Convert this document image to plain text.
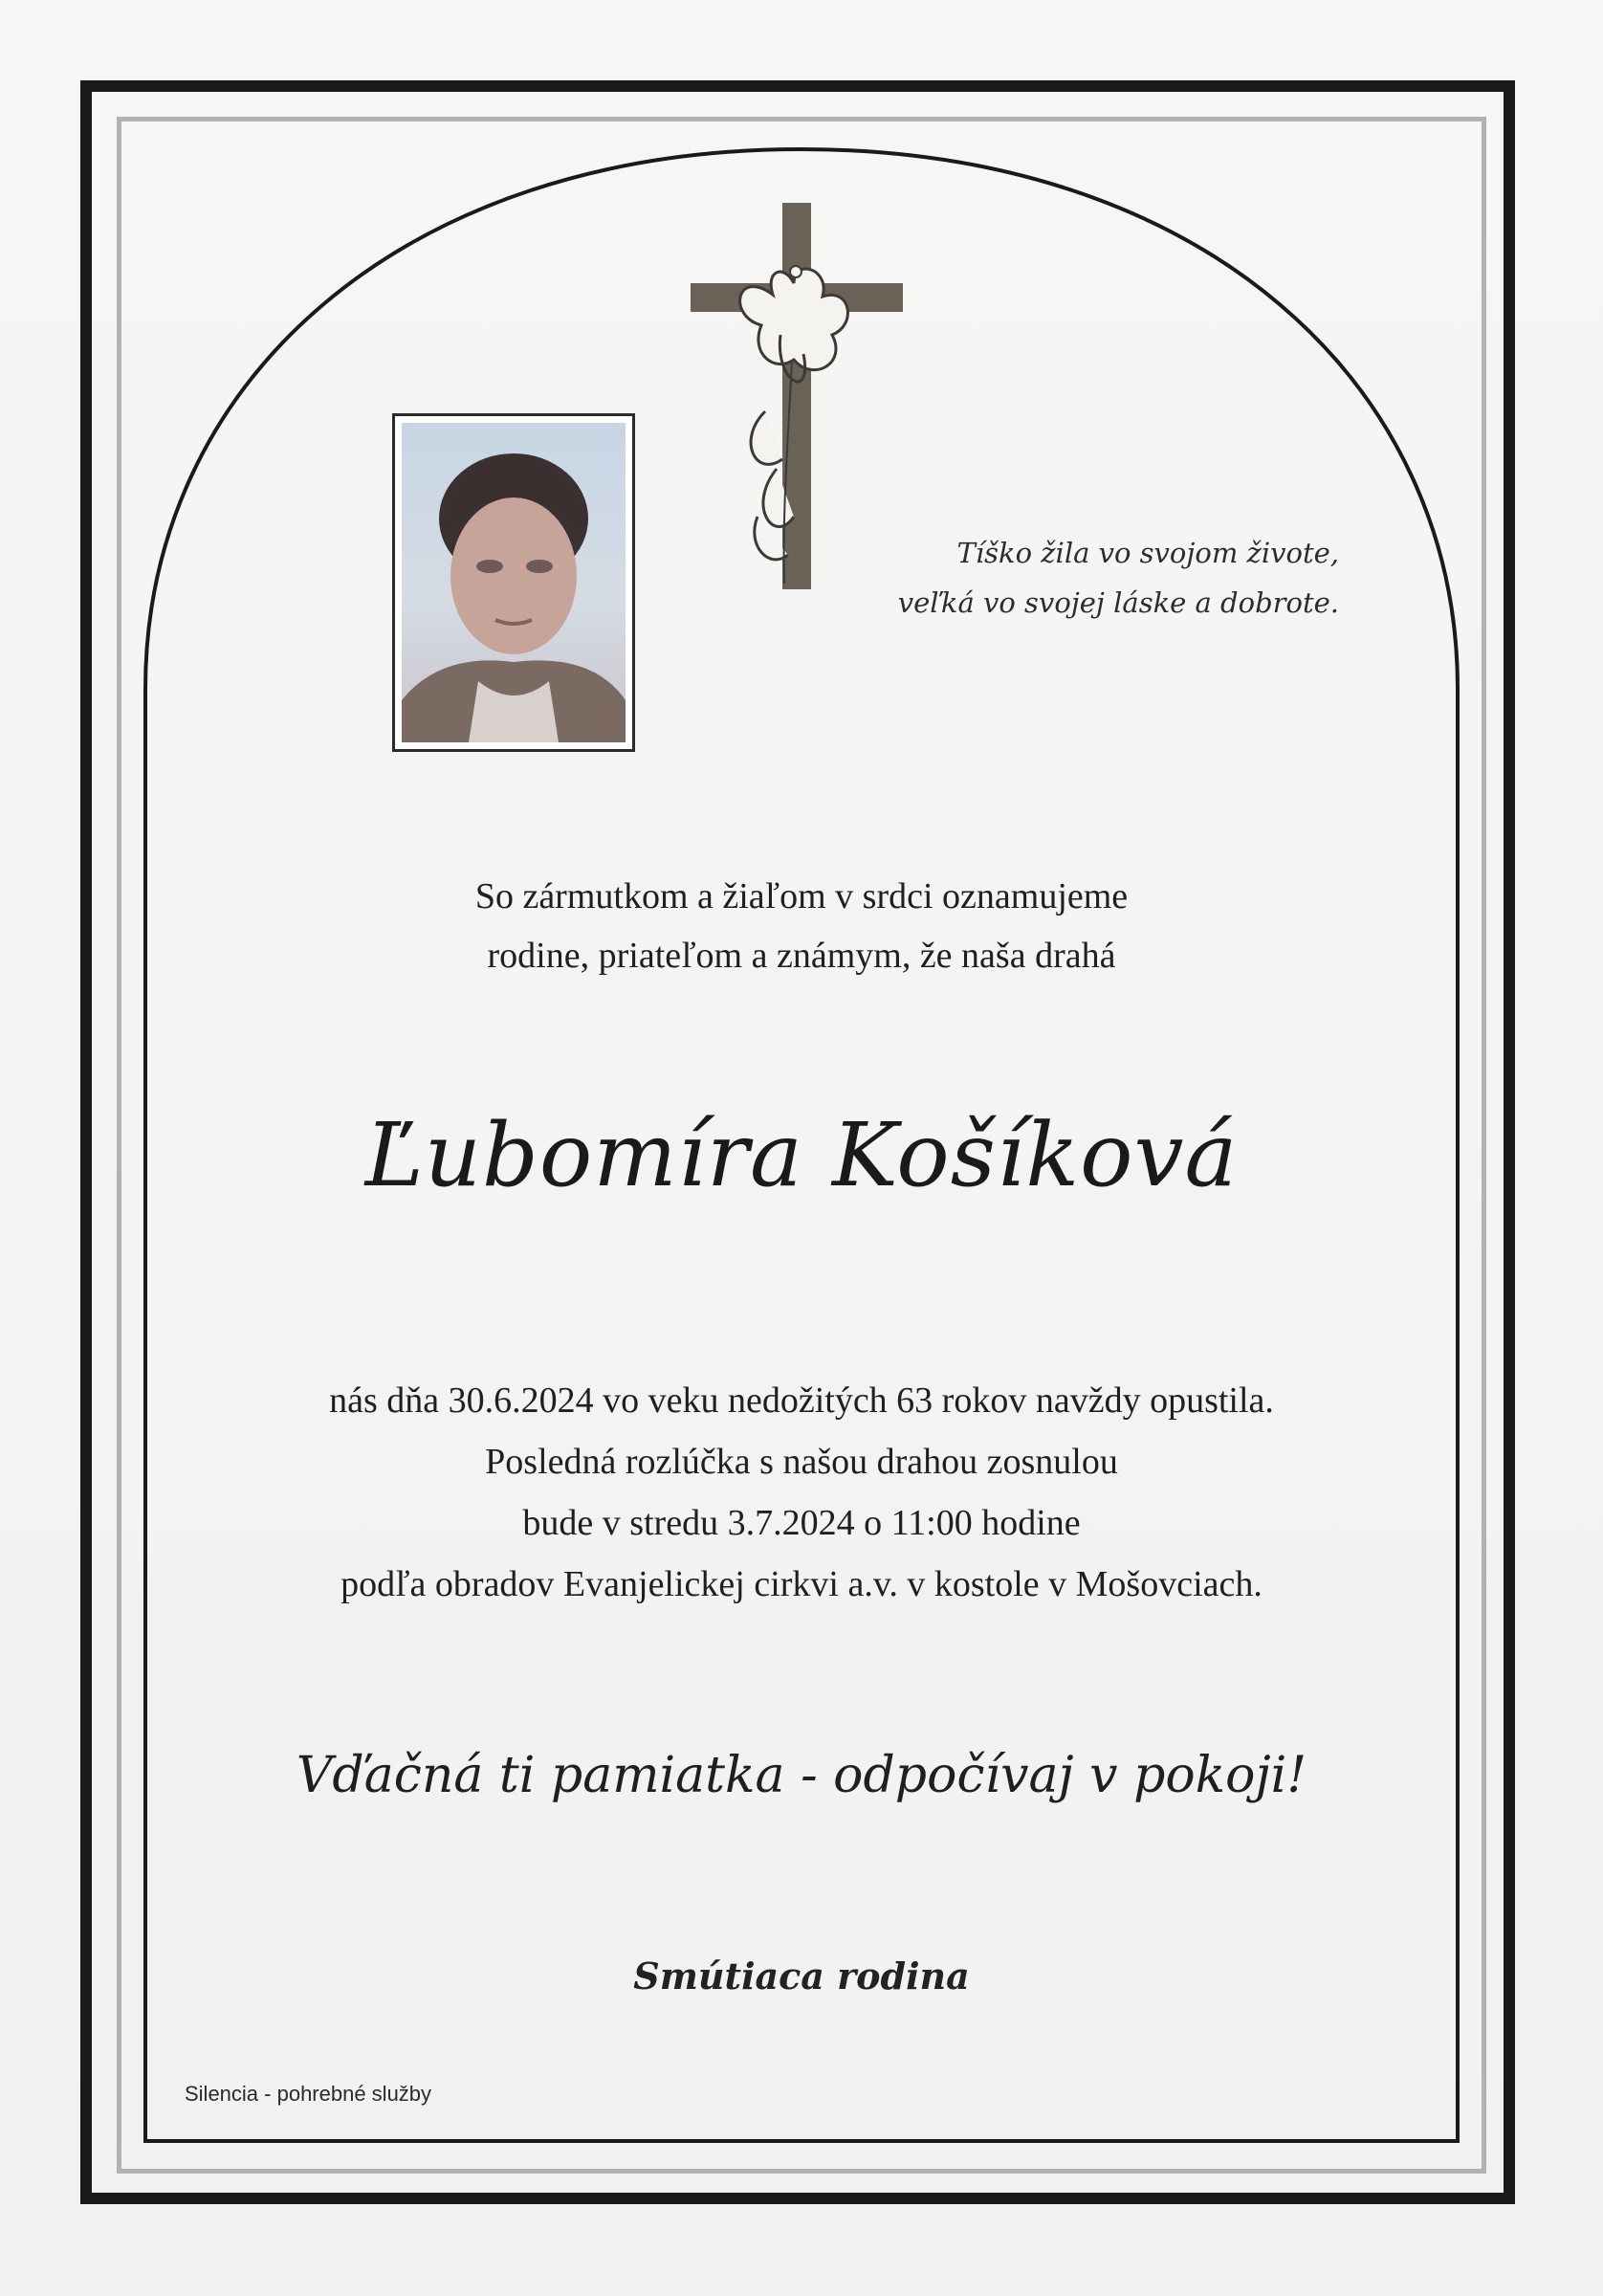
Tíško žila vo svojom živote,
veľká vo svojej láske a dobrote.
So zármutkom a žiaľom v srdci oznamujeme
rodine, priateľom a známym, že naša drahá
Ľubomíra Košíková
nás dňa 30.6.2024 vo veku nedožitých 63 rokov navždy opustila.
Posledná rozlúčka s našou drahou zosnulou
bude v stredu 3.7.2024 o 11:00 hodine
podľa obradov Evanjelickej cirkvi a.v. v kostole v Mošovciach.
Vďačná ti pamiatka - odpočívaj v pokoji!
Smútiaca rodina
Silencia - pohrebné služby
